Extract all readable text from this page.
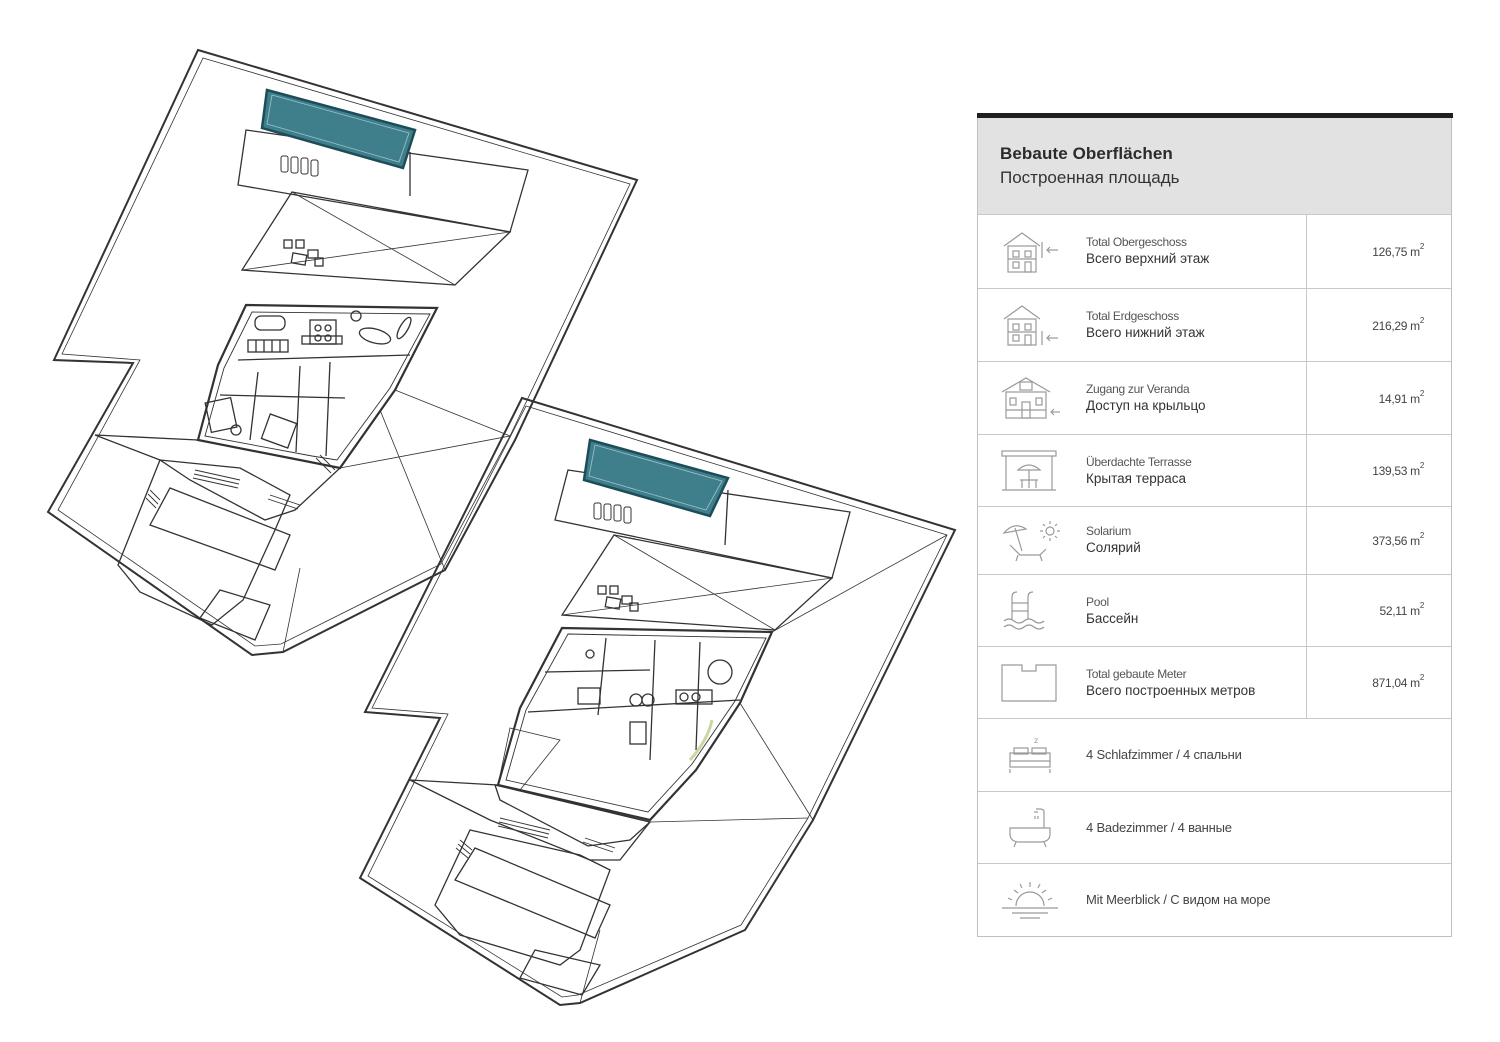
Bebaute Oberflächen
Построенная площадь
Total Obergeschoss
Всего верхний этаж	126,75 $m^2$
Total Erdgeschoss
Всего нижний этаж	216,29 $m^2$
Zugang zur Veranda
Доступ на крыльцо	14,91 $m^2$
Überdachte Terrasse
Крытая терраса	139,53 $m^2$
Solarium
Солярий	373,56 $m^2$
Pool
Бассейн	52,11 $m^2$
Total gebaute Meter
Всего построенных метров	871,04 $m^2$
z
4 Schlafzimmer / 4 спальни
4 Badezimmer / 4 ванные
Mit Meerblick / С видом на море
